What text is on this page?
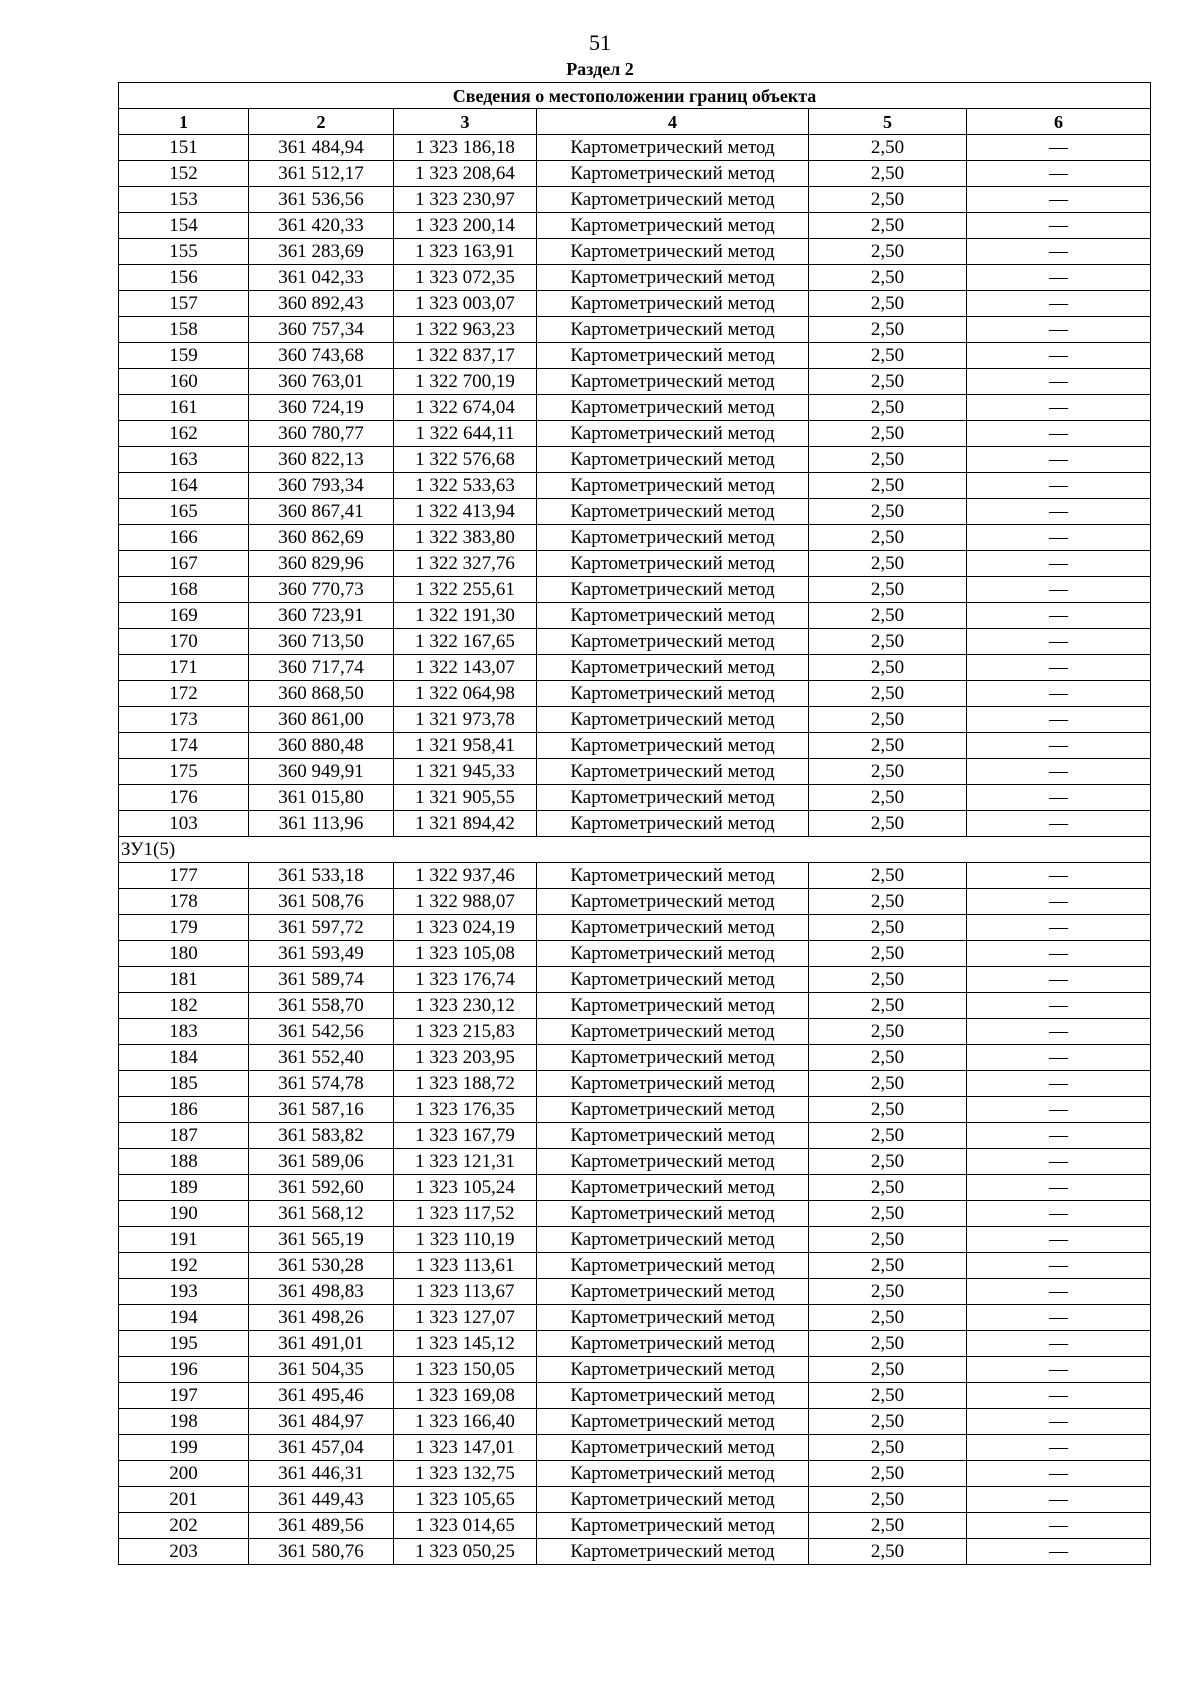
51
Раздел 2
Сведения о местоположении границ объекта					
1	2	3	4	5	6
151	361 484,94	1 323 186,18	Картометрический метод	2,50	—
152	361 512,17	1 323 208,64	Картометрический метод	2,50	—
153	361 536,56	1 323 230,97	Картометрический метод	2,50	—
154	361 420,33	1 323 200,14	Картометрический метод	2,50	—
155	361 283,69	1 323 163,91	Картометрический метод	2,50	—
156	361 042,33	1 323 072,35	Картометрический метод	2,50	—
157	360 892,43	1 323 003,07	Картометрический метод	2,50	—
158	360 757,34	1 322 963,23	Картометрический метод	2,50	—
159	360 743,68	1 322 837,17	Картометрический метод	2,50	—
160	360 763,01	1 322 700,19	Картометрический метод	2,50	—
161	360 724,19	1 322 674,04	Картометрический метод	2,50	—
162	360 780,77	1 322 644,11	Картометрический метод	2,50	—
163	360 822,13	1 322 576,68	Картометрический метод	2,50	—
164	360 793,34	1 322 533,63	Картометрический метод	2,50	—
165	360 867,41	1 322 413,94	Картометрический метод	2,50	—
166	360 862,69	1 322 383,80	Картометрический метод	2,50	—
167	360 829,96	1 322 327,76	Картометрический метод	2,50	—
168	360 770,73	1 322 255,61	Картометрический метод	2,50	—
169	360 723,91	1 322 191,30	Картометрический метод	2,50	—
170	360 713,50	1 322 167,65	Картометрический метод	2,50	—
171	360 717,74	1 322 143,07	Картометрический метод	2,50	—
172	360 868,50	1 322 064,98	Картометрический метод	2,50	—
173	360 861,00	1 321 973,78	Картометрический метод	2,50	—
174	360 880,48	1 321 958,41	Картометрический метод	2,50	—
175	360 949,91	1 321 945,33	Картометрический метод	2,50	—
176	361 015,80	1 321 905,55	Картометрический метод	2,50	—
103	361 113,96	1 321 894,42	Картометрический метод	2,50	—
ЗУ1(5)					
177	361 533,18	1 322 937,46	Картометрический метод	2,50	—
178	361 508,76	1 322 988,07	Картометрический метод	2,50	—
179	361 597,72	1 323 024,19	Картометрический метод	2,50	—
180	361 593,49	1 323 105,08	Картометрический метод	2,50	—
181	361 589,74	1 323 176,74	Картометрический метод	2,50	—
182	361 558,70	1 323 230,12	Картометрический метод	2,50	—
183	361 542,56	1 323 215,83	Картометрический метод	2,50	—
184	361 552,40	1 323 203,95	Картометрический метод	2,50	—
185	361 574,78	1 323 188,72	Картометрический метод	2,50	—
186	361 587,16	1 323 176,35	Картометрический метод	2,50	—
187	361 583,82	1 323 167,79	Картометрический метод	2,50	—
188	361 589,06	1 323 121,31	Картометрический метод	2,50	—
189	361 592,60	1 323 105,24	Картометрический метод	2,50	—
190	361 568,12	1 323 117,52	Картометрический метод	2,50	—
191	361 565,19	1 323 110,19	Картометрический метод	2,50	—
192	361 530,28	1 323 113,61	Картометрический метод	2,50	—
193	361 498,83	1 323 113,67	Картометрический метод	2,50	—
194	361 498,26	1 323 127,07	Картометрический метод	2,50	—
195	361 491,01	1 323 145,12	Картометрический метод	2,50	—
196	361 504,35	1 323 150,05	Картометрический метод	2,50	—
197	361 495,46	1 323 169,08	Картометрический метод	2,50	—
198	361 484,97	1 323 166,40	Картометрический метод	2,50	—
199	361 457,04	1 323 147,01	Картометрический метод	2,50	—
200	361 446,31	1 323 132,75	Картометрический метод	2,50	—
201	361 449,43	1 323 105,65	Картометрический метод	2,50	—
202	361 489,56	1 323 014,65	Картометрический метод	2,50	—
203	361 580,76	1 323 050,25	Картометрический метод	2,50	—
